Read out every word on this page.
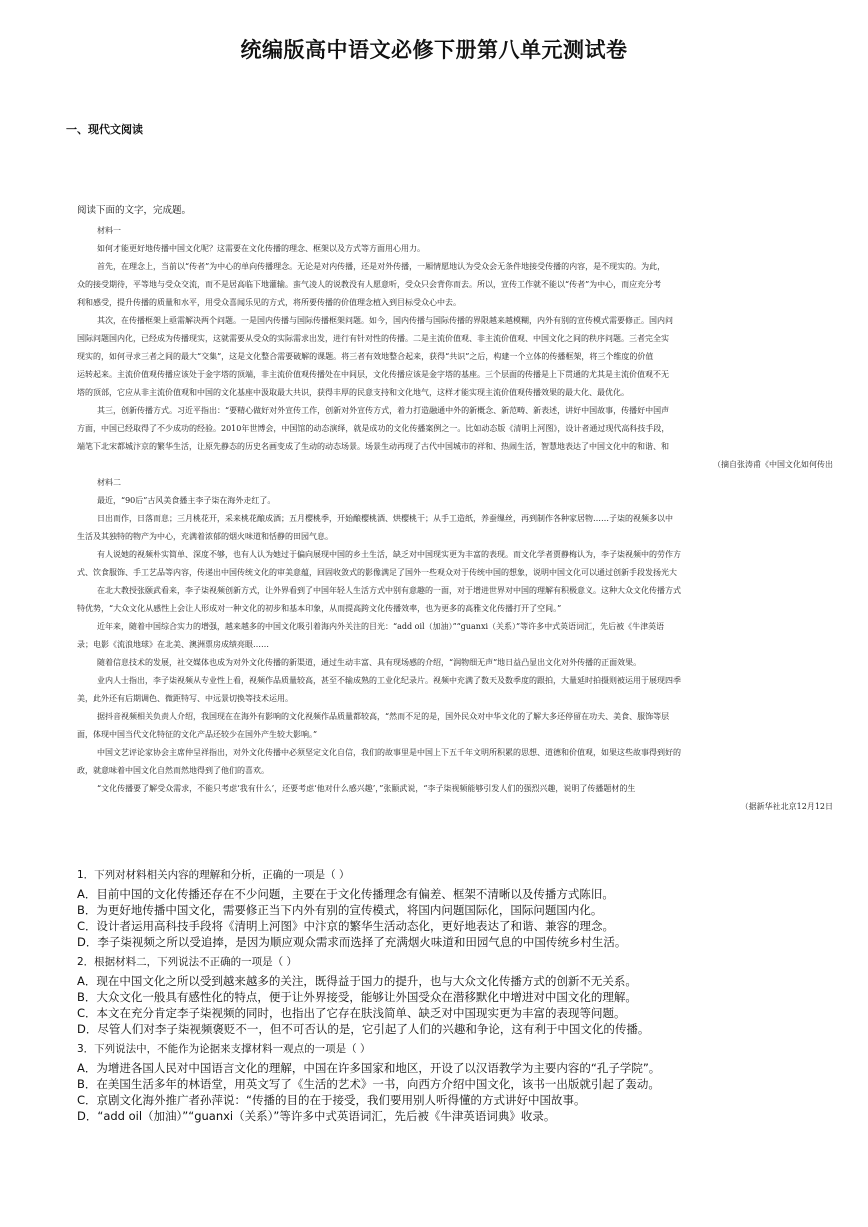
统编版高中语文必修下册第八单元测试卷
一、现代文阅读
阅读下面的文字，完成题。

材料一

如何才能更好地传播中国文化呢？这需要在文化传播的理念、框架以及方式等方面用心用力。

首先，在理念上，当前以“传者”为中心的单向传播理念。无论是对内传播，还是对外传播，一厢情愿地认为受众会无条件地接受传播的内容，是不现实的。为此，

众的接受期待，平等地与受众交流，而不是居高临下地灌输。蛮气凌人的说教没有人愿意听，受众只会背你而去。所以，宣传工作就不能以“传者”为中心，而应充分考

利和感受，提升传播的质量和水平，用受众喜闻乐见的方式，将所要传播的价值理念植入到目标受众心中去。

其次，在传播框架上亟需解决两个问题。一是国内传播与国际传播框架问题。如今，国内传播与国际传播的界限越来越模糊，内外有别的宣传模式需要修正。国内问

国际问题国内化，已经成为传播现实，这就需要从受众的实际需求出发，进行有针对性的传播。二是主流价值观、非主流价值观、中国文化之间的秩序问题。三者完全实

现实的，如何寻求三者之间的最大“交集”，这是文化整合需要破解的课题。将三者有效地整合起来，获得“共识”之后，构建一个立体的传播框架，将三个维度的价值

运转起来。主流价值观传播应该处于金字塔的顶端，非主流价值观传播处在中间层，文化传播应该是金字塔的基座。三个层面的传播是上下贯通的尤其是主流价值观不无

塔的顶部，它应从非主流价值观和中国的文化基座中汲取最大共识，获得丰厚的民意支持和文化地气，这样才能实现主流价值观传播效果的最大化、最优化。

其三，创新传播方式。习近平指出：“要精心做好对外宣传工作，创新对外宣传方式，着力打造融通中外的新概念、新范畴、新表述，讲好中国故事，传播好中国声

方面，中国已经取得了不少成功的经验。2010年世博会，中国馆的动态演绎，就是成功的文化传播案例之一。比如动态版《清明上河图》，设计者通过现代高科技手段，

端笔下北宋都城汴京的繁华生活，让原先静态的历史名画变成了生动的动态场景。场景生动再现了古代中国城市的祥和、热闹生活，智慧地表达了中国文化中的和谐、和

（摘自张涛甫《中国文化如何传出

材料二

最近，“90后”古风美食播主李子柒在海外走红了。

日出而作，日落而息；三月桃花开，采来桃花酿成酒；五月樱桃季，开始酿樱桃酒、烘樱桃干；从手工造纸，养蚕缫丝，再到制作各种家居物……子柒的视频多以中

生活及其独特的物产为中心，充满着浓郁的烟火味道和恬静的田园气息。

有人说她的视频朴实简单、深度不够，也有人认为她过于偏向展现中国的乡土生活，缺乏对中国现实更为丰富的表现。而文化学者贾静梅认为，李子柒视频中的劳作方

式、饮食服饰、手工艺品等内容，传递出中国传统文化的审美意蕴，回固收敛式的影像满足了国外一些观众对于传统中国的想象，说明中国文化可以通过创新手段发扬光大

在北大教授张颐武看来，李子柒视频创新方式，让外界看到了中国年轻人生活方式中别有意趣的一面，对于增进世界对中国的理解有积极意义。这种大众文化传播方式

特优势，“大众文化从感性上会让人形成对一种文化的初步和基本印象，从而提高跨文化传播效率，也为更多的高雅文化传播打开了空间。”

近年来，随着中国综合实力的增强，越来越多的中国文化吸引着海内外关注的目光：“add oil（加油）”“guanxi（关系）”等许多中式英语词汇，先后被《牛津英语

录；电影《流浪地球》在北美、澳洲票房成绩亮眼……

随着信息技术的发展，社交媒体也成为对外文化传播的新渠道，通过生动丰富、具有现场感的介绍，“润物细无声”地日益凸显出文化对外传播的正面效果。

业内人士指出，李子柒视频从专业性上看，视频作品质量较高，甚至不输成熟的工业化纪录片。视频中充满了数天及数季度的跟拍，大量延时拍摄则被运用于展现四季

美，此外还有后期调色、微距特写、中远景切换等技术运用。

据抖音视频相关负责人介绍，我国现在在海外有影响的文化视频作品质量都较高，“然而不足的是，国外民众对中华文化的了解大多还停留在功夫、美食、服饰等层

面，体现中国当代文化特征的文化产品还较少在国外产生较大影响。”

中国文艺评论家协会主席仲呈祥指出，对外文化传播中必须坚定文化自信，我们的故事里是中国上下五千年文明所积累的思想、道德和价值观，如果这些故事得到好的

政，就意味着中国文化自然而然地得到了他们的喜欢。

“文化传播要了解受众需求，不能只考虑‘我有什么’，还要考虑‘他对什么感兴趣’，”张颐武说，“李子柒视频能够引发人们的强烈兴趣，说明了传播题材的生

（据新华社北京12月12日

1．下列对材料相关内容的理解和分析，正确的一项是（ ）
A．目前中国的文化传播还存在不少问题，主要在于文化传播理念有偏差、框架不清晰以及传播方式陈旧。
B．为更好地传播中国文化，需要修正当下内外有别的宣传模式，将国内问题国际化，国际问题国内化。
C．设计者运用高科技手段将《清明上河图》中汴京的繁华生活动态化，更好地表达了和谐、兼容的理念。
D．李子柒视频之所以受追捧，是因为顺应观众需求而选择了充满烟火味道和田园气息的中国传统乡村生活。
2．根据材料二，下列说法不正确的一项是（ ）
A．现在中国文化之所以受到越来越多的关注，既得益于国力的提升，也与大众文化传播方式的创新不无关系。
B．大众文化一般具有感性化的特点，便于让外界接受，能够让外国受众在潜移默化中增进对中国文化的理解。
C．本文在充分肯定李子柒视频的同时，也指出了它存在肤浅简单、缺乏对中国现实更为丰富的表现等问题。
D．尽管人们对李子柒视频褒贬不一，但不可否认的是，它引起了人们的兴趣和争论，这有利于中国文化的传播。
3．下列说法中，不能作为论据来支撑材料一观点的一项是（ ）
A．为增进各国人民对中国语言文化的理解，中国在许多国家和地区，开设了以汉语教学为主要内容的“孔子学院”。
B．在美国生活多年的林语堂，用英文写了《生活的艺术》一书，向西方介绍中国文化，该书一出版就引起了轰动。
C．京剧文化海外推广者孙萍说：“传播的目的在于接受，我们要用别人听得懂的方式讲好中国故事。
D．“add oil（加油）”“guanxi（关系）”等许多中式英语词汇，先后被《牛津英语词典》收录。
